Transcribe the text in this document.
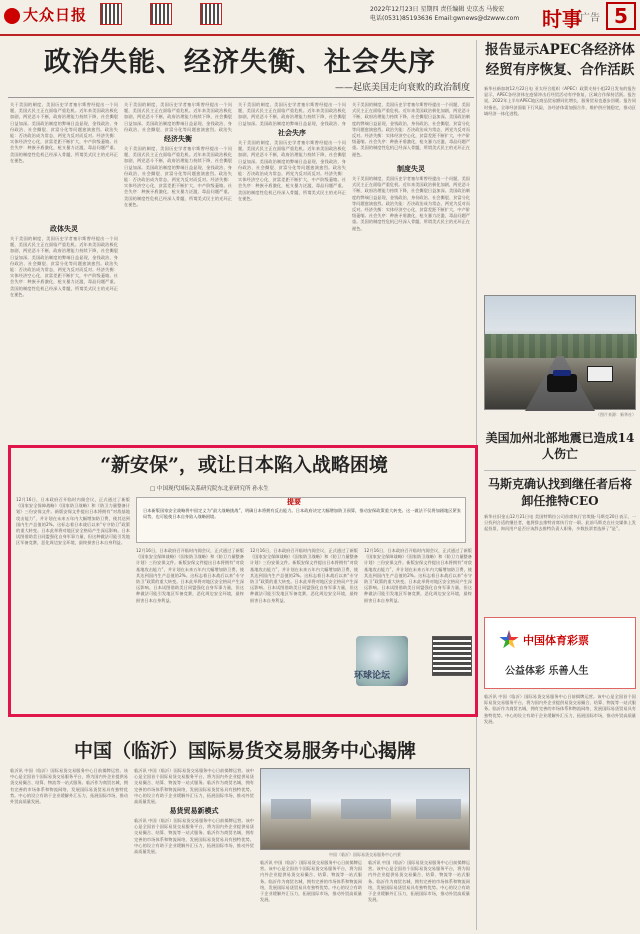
大众日报	2022年12月23日 星期四 责任编辑 史京杰 马俊宏
电话(0531)85193636 Email:gwnews@dzwww.com	时事
广告 5
政治失能、经济失衡、社会失序
——起底美国走向衰败的政治制度
关于美国的制度，美国历史学者塞尔斯曾经提出一个问题，美国式民主正在面临严重危机。近年来美国政治极化加剧，两党恶斗不断，政府治理能力持续下降，社会撕裂日益加深。美国政治制度的弊端日益显现，金钱政治、身份政治、社会撕裂、贫富分化等问题愈演愈烈。政治失能：否决政治成为常态，两党为反对而反对。经济失衡：实体经济空心化，贫富差距不断扩大，中产阶级萎缩。社会失序：种族矛盾激化，枪支暴力泛滥，毒品问题严重。美国的制度性危机已经深入骨髓，所谓美式民主的光环正在褪色。
政体失灵
关于美国的制度，美国历史学者塞尔斯曾经提出一个问题，美国式民主正在面临严重危机。近年来美国政治极化加剧，两党恶斗不断，政府治理能力持续下降，社会撕裂日益加深。美国政治制度的弊端日益显现，金钱政治、身份政治、社会撕裂、贫富分化等问题愈演愈烈。政治失能：否决政治成为常态，两党为反对而反对。经济失衡：实体经济空心化，贫富差距不断扩大，中产阶级萎缩。社会失序：种族矛盾激化，枪支暴力泛滥，毒品问题严重。美国的制度性危机已经深入骨髓，所谓美式民主的光环正在褪色。
关于美国的制度，美国历史学者塞尔斯曾经提出一个问题，美国式民主正在面临严重危机。近年来美国政治极化加剧，两党恶斗不断，政府治理能力持续下降，社会撕裂日益加深。美国政治制度的弊端日益显现，金钱政治、身份政治、社会撕裂、贫富分化等问题愈演愈烈。政治失
经济失衡
关于美国的制度，美国历史学者塞尔斯曾经提出一个问题，美国式民主正在面临严重危机。近年来美国政治极化加剧，两党恶斗不断，政府治理能力持续下降，社会撕裂日益加深。美国政治制度的弊端日益显现，金钱政治、身份政治、社会撕裂、贫富分化等问题愈演愈烈。政治失能：否决政治成为常态，两党为反对而反对。经济失衡：实体经济空心化，贫富差距不断扩大，中产阶级萎缩。社会失序：种族矛盾激化，枪支暴力泛滥，毒品问题严重。美国的制度性危机已经深入骨髓，所谓美式民主的光环正在褪色。
关于美国的制度，美国历史学者塞尔斯曾经提出一个问题，美国式民主正在面临严重危机。近年来美国政治极化加剧，两党恶斗不断，政府治理能力持续下降，社会撕裂日益加深。美国政治制度的弊端日益显现，金钱政治、身
社会失序
关于美国的制度，美国历史学者塞尔斯曾经提出一个问题，美国式民主正在面临严重危机。近年来美国政治极化加剧，两党恶斗不断，政府治理能力持续下降，社会撕裂日益加深。美国政治制度的弊端日益显现，金钱政治、身份政治、社会撕裂、贫富分化等问题愈演愈烈。政治失能：否决政治成为常态，两党为反对而反对。经济失衡：实体经济空心化，贫富差距不断扩大，中产阶级萎缩。社会失序：种族矛盾激化，枪支暴力泛滥，毒品问题严重。美国的制度性危机已经深入骨髓，所谓美式民主的光环正在褪色。
关于美国的制度，美国历史学者塞尔斯曾经提出一个问题，美国式民主正在面临严重危机。近年来美国政治极化加剧，两党恶斗不断，政府治理能力持续下降，社会撕裂日益加深。美国政治制度的弊端日益显现，金钱政治、身份政治、社会撕裂、贫富分化等问题愈演愈烈。政治失能：否决政治成为常态，两党为反对而反对。经济失衡：实体经济空心化，贫富差距不断扩大，中产阶级萎缩。社会失序：种族矛盾激化，枪支暴力泛滥，毒品问题严重。美国的制度性危机已经深入骨髓，所谓美式民主的光环正在褪色。
制度失灵
关于美国的制度，美国历史学者塞尔斯曾经提出一个问题，美国式民主正在面临严重危机。近年来美国政治极化加剧，两党恶斗不断，政府治理能力持续下降，社会撕裂日益加深。美国政治制度的弊端日益显现，金钱政治、身份政治、社会撕裂、贫富分化等问题愈演愈烈。政治失能：否决政治成为常态，两党为反对而反对。经济失衡：实体经济空心化，贫富差距不断扩大，中产阶级萎缩。社会失序：种族矛盾激化，枪支暴力泛滥，毒品问题严重。美国的制度性危机已经深入骨髓，所谓美式民主的光环正在褪色。
报告显示APEC各经济体经贸有序恢复、合作活跃
新华社新加坡12月22日电 亚太经合组织（APEC）政策支持小组22日发布的报告显示，APEC各经济体在疫情冲击后经贸活动有序恢复，区域合作保持活跃。报告说，2022年上半年APEC地区商品贸易额同比增长，服务贸易也逐步回暖。报告同时指出，全球经济面临下行风险，各经济体需加强合作，维护供应链稳定，推动区域经济一体化进程。
（图片来源：新华社）
美国加州北部地震已造成14人伤亡
马斯克确认找到继任者后将卸任推特CEO
新华社旧金山12月21日电 美国特斯拉公司首席执行官埃隆·马斯克20日表示，一旦找到合适的继任者，他将辞去推特首席执行官一职。此前马斯克在社交媒体上发起投票，询问用户是否应该辞去推特负责人职务，多数投票者选择了“是”。
中国体育彩票
公益体彩 乐善人生
临沂讯 中国（临沂）国际易货交易服务中心日前揭牌运营。该中心是全国首个国际易货交易服务平台，将为国内外企业提供易货交易撮合、结算、物流等一站式服务。临沂作为商贸名城，拥有完善的市场体系和物流网络，发展国际易货贸易具有独特优势。中心的设立有助于企业缓解外汇压力，拓展国际市场，推动外贸高质量发展。
“新安保”，或让日本陷入战略困境
□ 中国现代国际关系研究院东北亚研究所 孙永生
12月16日，日本政府召开临时内阁会议，正式通过了新版《国家安全保障战略》《国家防卫战略》和《防卫力量整备计划》三份安保文件。新版安保文件提出日本将拥有“对敌基地攻击能力”，并计划在未来五年内大幅增加防卫费，使其达到国内生产总值的2%。这标志着日本战后以来“专守防卫”政策的重大转变。日本此举将对地区安全格局产生深远影响。日本试图借助美日同盟强化自身军事力量，但这种做法可能引发地区军备竞赛，恶化周边安全环境，最终损害日本自身利益。
提要
日本新版国家安全战略将中国定义为“最大战略挑战”，明确日本将拥有反击能力。日本政府决定大幅增加防卫预算，推动安保政策重大转变。这一做法不仅将加剧地区紧张局势，也可能使日本自身陷入战略困境。
12月16日，日本政府召开临时内阁会议，正式通过了新版《国家安全保障战略》《国家防卫战略》和《防卫力量整备计划》三份安保文件。新版安保文件提出日本将拥有“对敌基地攻击能力”，并计划在未来五年内大幅增加防卫费，使其达到国内生产总值的2%。这标志着日本战后以来“专守防卫”政策的重大转变。日本此举将对地区安全格局产生深远影响。日本试图借助美日同盟强化自身军事力量，但这种做法可能引发地区军备竞赛，恶化周边安全环境，最终损害日本自身利益。
12月16日，日本政府召开临时内阁会议，正式通过了新版《国家安全保障战略》《国家防卫战略》和《防卫力量整备计划》三份安保文件。新版安保文件提出日本将拥有“对敌基地攻击能力”，并计划在未来五年内大幅增加防卫费，使其达到国内生产总值的2%。这标志着日本战后以来“专守防卫”政策的重大转变。日本此举将对地区安全格局产生深远影响。日本试图借助美日同盟强化自身军事力量，但这种做法可能引发地区军备竞赛，恶化周边安全环境，最终损害日本自身利益。
12月16日，日本政府召开临时内阁会议，正式通过了新版《国家安全保障战略》《国家防卫战略》和《防卫力量整备计划》三份安保文件。新版安保文件提出日本将拥有“对敌基地攻击能力”，并计划在未来五年内大幅增加防卫费，使其达到国内生产总值的2%。这标志着日本战后以来“专守防卫”政策的重大转变。日本此举将对地区安全格局产生深远影响。日本试图借助美日同盟强化自身军事力量，但这种做法可能引发地区军备竞赛，恶化周边安全环境，最终损害日本自身利益。
环球论坛
中国（临沂）国际易货交易服务中心揭牌
临沂讯 中国（临沂）国际易货交易服务中心日前揭牌运营。该中心是全国首个国际易货交易服务平台，将为国内外企业提供易货交易撮合、结算、物流等一站式服务。临沂作为商贸名城，拥有完善的市场体系和物流网络，发展国际易货贸易具有独特优势。中心的设立有助于企业缓解外汇压力，拓展国际市场，推动外贸高质量发展。
临沂讯 中国（临沂）国际易货交易服务中心日前揭牌运营。该中心是全国首个国际易货交易服务平台，将为国内外企业提供易货交易撮合、结算、物流等一站式服务。临沂作为商贸名城，拥有完善的市场体系和物流网络，发展国际易货贸易具有独特优势。中心的设立有助于企业缓解外汇压力，拓展国际市场，推动外贸高质量发展。
易货贸易新模式
临沂讯 中国（临沂）国际易货交易服务中心日前揭牌运营。该中心是全国首个国际易货交易服务平台，将为国内外企业提供易货交易撮合、结算、物流等一站式服务。临沂作为商贸名城，拥有完善的市场体系和物流网络，发展国际易货贸易具有独特优势。中心的设立有助于企业缓解外汇压力，拓展国际市场，推动外贸高质量发展。
中国（临沂）国际易货交易服务中心内景
临沂讯 中国（临沂）国际易货交易服务中心日前揭牌运营。该中心是全国首个国际易货交易服务平台，将为国内外企业提供易货交易撮合、结算、物流等一站式服务。临沂作为商贸名城，拥有完善的市场体系和物流网络，发展国际易货贸易具有独特优势。中心的设立有助于企业缓解外汇压力，拓展国际市场，推动外贸高质量发展。
临沂讯 中国（临沂）国际易货交易服务中心日前揭牌运营。该中心是全国首个国际易货交易服务平台，将为国内外企业提供易货交易撮合、结算、物流等一站式服务。临沂作为商贸名城，拥有完善的市场体系和物流网络，发展国际易货贸易具有独特优势。中心的设立有助于企业缓解外汇压力，拓展国际市场，推动外贸高质量发展。
